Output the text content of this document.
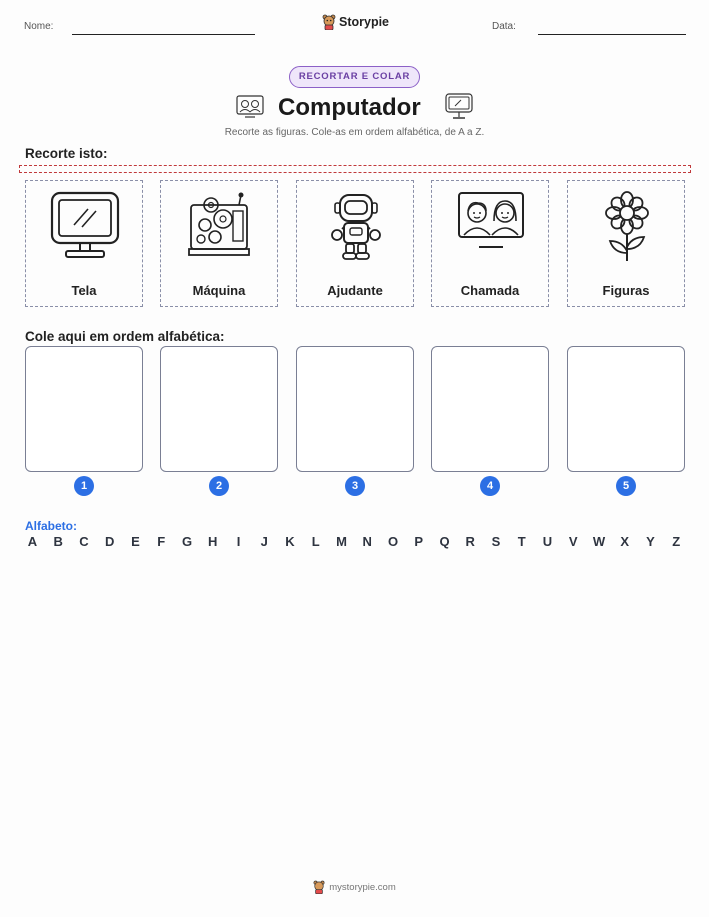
Nome:	Storypie	Data:
RECORTAR E COLAR
Computador
Recorte as figuras. Cole-as em ordem alfabética, de A a Z.
Recorte isto:
Tela	Máquina	Ajudante	Chamada	Figuras
Cole aqui em ordem alfabética:
1	2	3	4	5
Alfabeto:
A B C D E F G H	I	J K L M N O P Q R S T U V W X Y Z
mystorypie.com
